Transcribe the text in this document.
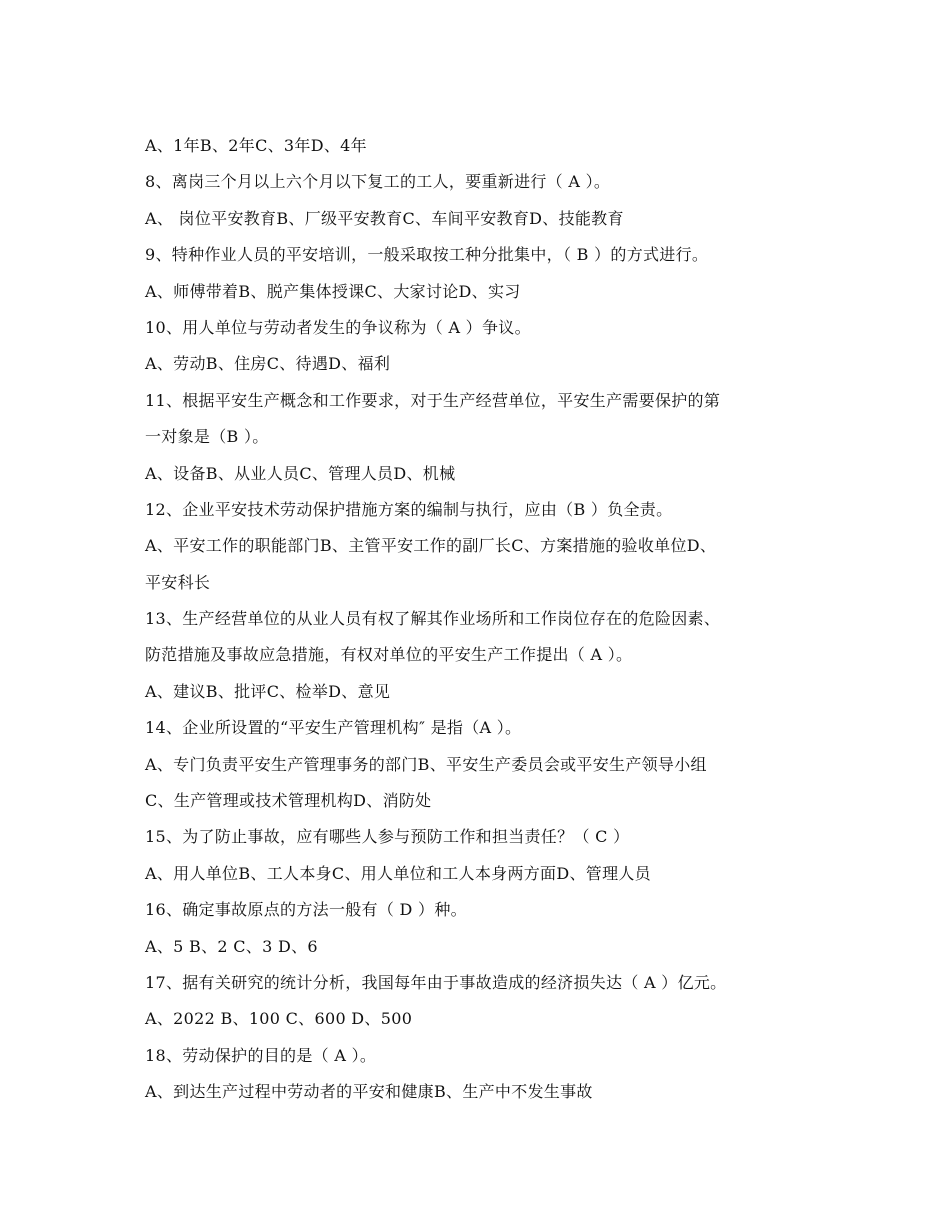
A、1年B、2年C、3年D、4年
8、离岗三个月以上六个月以下复工的工人，要重新进行（ A ）。
A、 岗位平安教育B、厂级平安教育C、车间平安教育D、技能教育
9、特种作业人员的平安培训，一般采取按工种分批集中，（ B ）的方式进行。
A、师傅带着B、脱产集体授课C、大家讨论D、实习
10、用人单位与劳动者发生的争议称为（ A ）争议。
A、劳动B、住房C、待遇D、福利
11、根据平安生产概念和工作要求，对于生产经营单位，平安生产需要保护的第
一对象是（B ）。
A、设备B、从业人员C、管理人员D、机械
12、企业平安技术劳动保护措施方案的编制与执行，应由（B ）负全责。
A、平安工作的职能部门B、主管平安工作的副厂长C、方案措施的验收单位D、
平安科长
13、生产经营单位的从业人员有权了解其作业场所和工作岗位存在的危险因素、
防范措施及事故应急措施，有权对单位的平安生产工作提出（ A ）。
A、建议B、批评C、检举D、意见
14、企业所设置的“平安生产管理机构″ 是指（A ）。
A、专门负责平安生产管理事务的部门B、平安生产委员会或平安生产领导小组
C、生产管理或技术管理机构D、消防处
15、为了防止事故，应有哪些人参与预防工作和担当责任？（ C ）
A、用人单位B、工人本身C、用人单位和工人本身两方面D、管理人员
16、确定事故原点的方法一般有（ D ）种。
A、5 B、2 C、3 D、6
17、据有关研究的统计分析，我国每年由于事故造成的经济损失达（ A ）亿元。
A、2022 B、100 C、600 D、500
18、劳动保护的目的是（ A ）。
A、到达生产过程中劳动者的平安和健康B、生产中不发生事故
